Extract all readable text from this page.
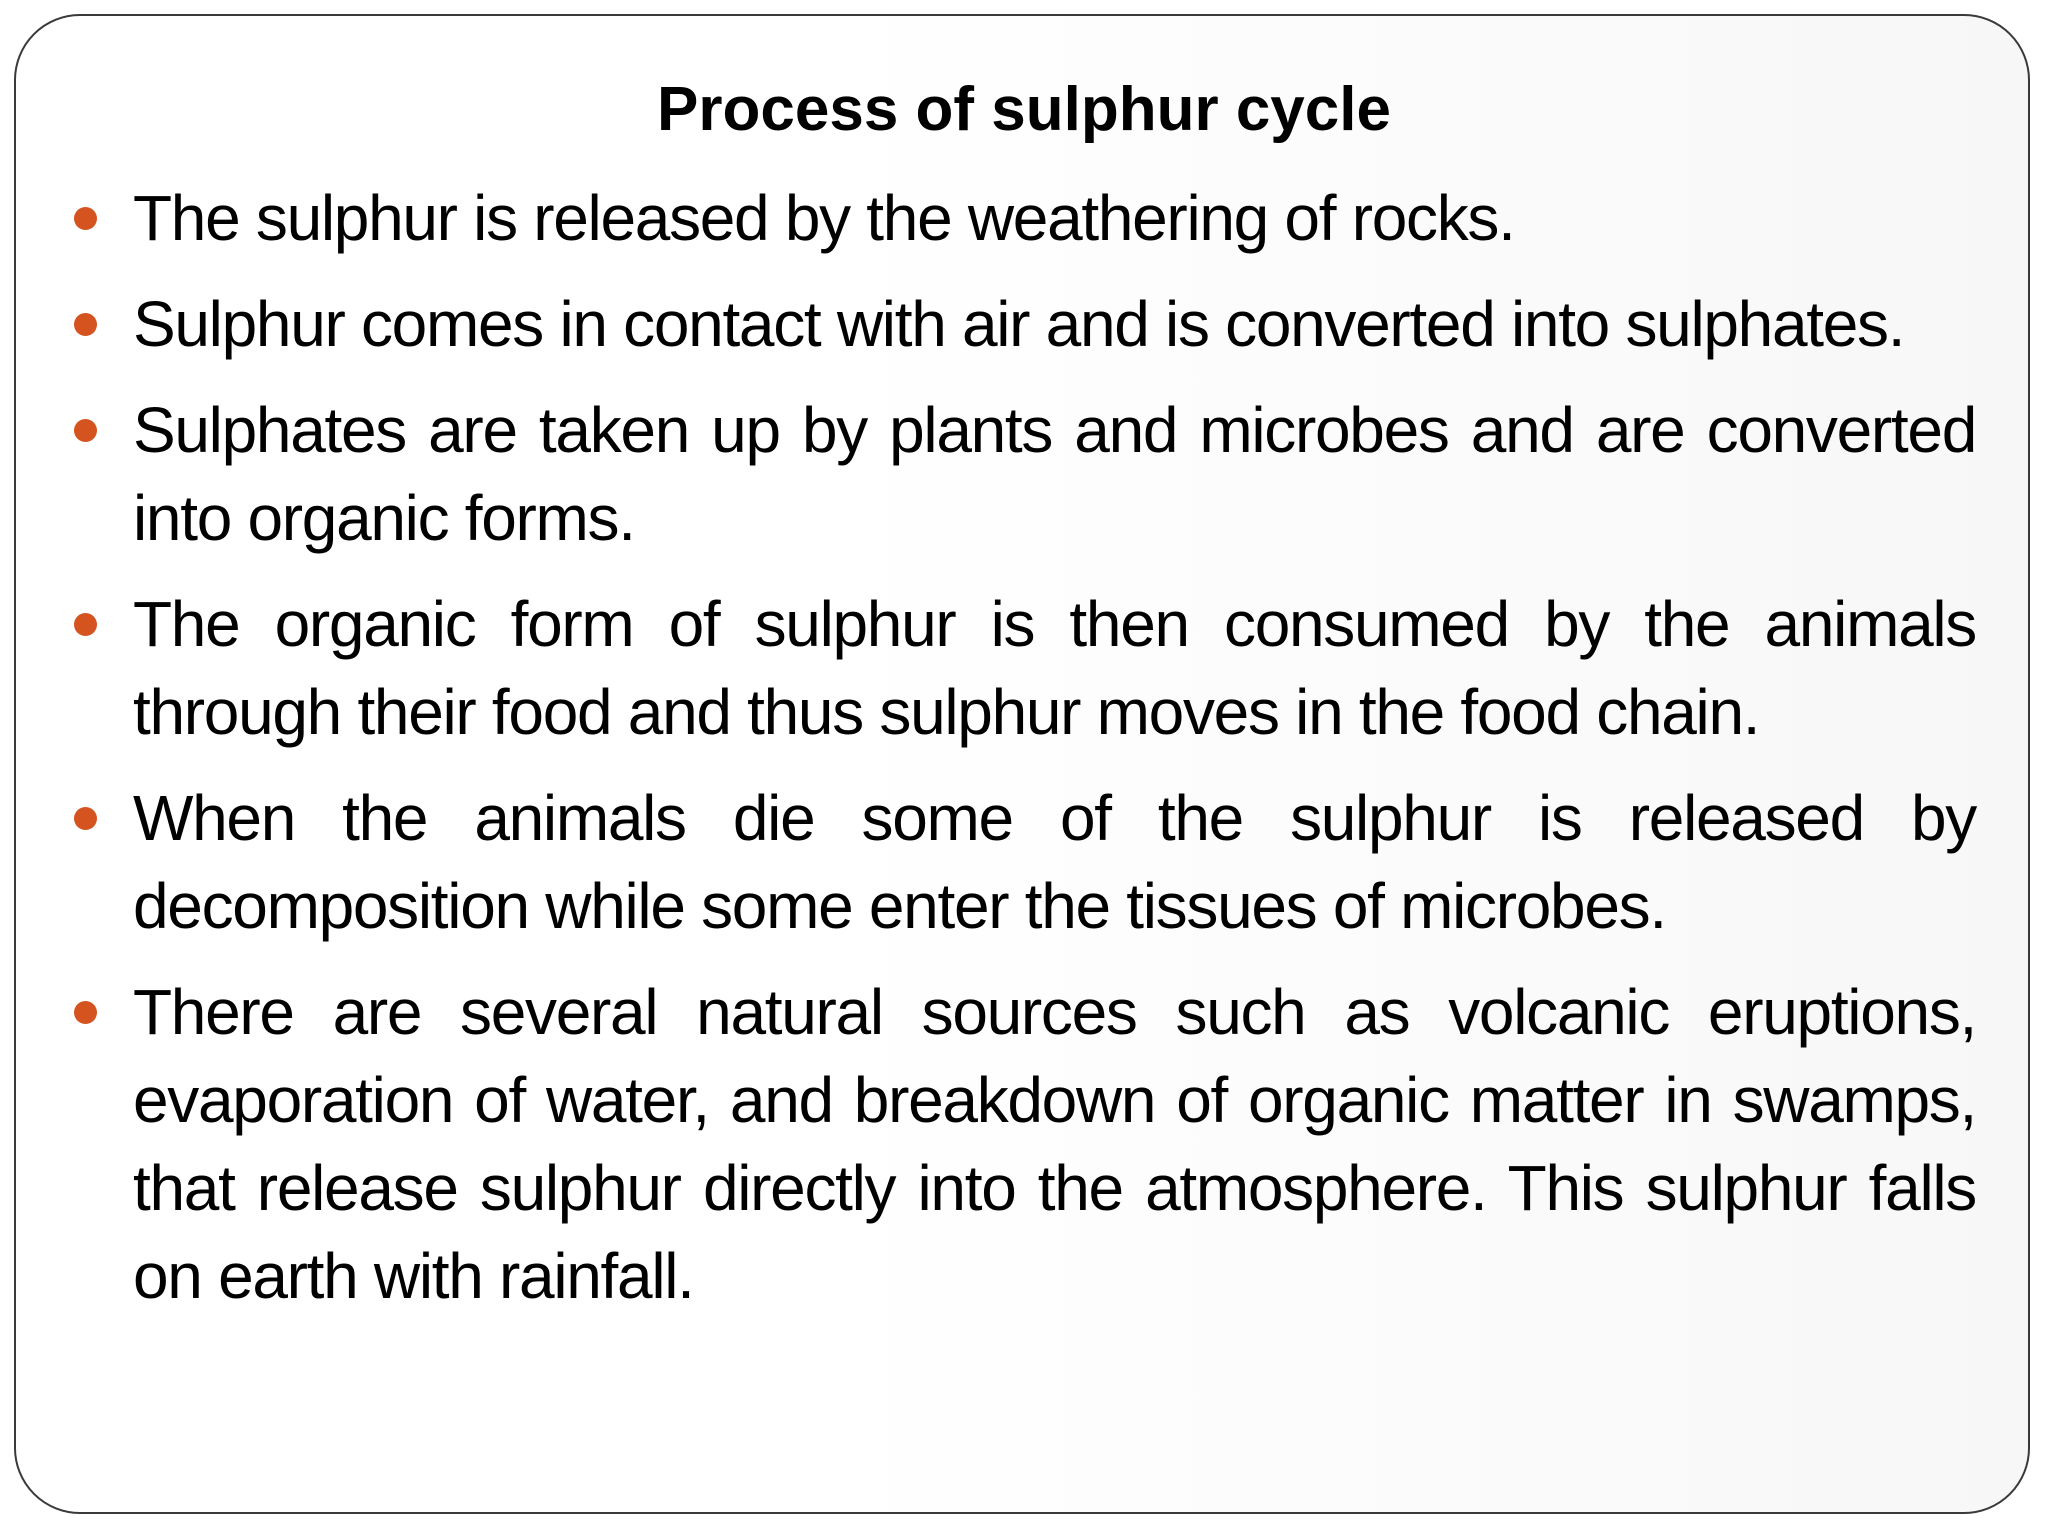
Process of sulphur cycle
The sulphur is released by the weathering of rocks.
Sulphur comes in contact with air and is converted into sulphates.
Sulphates are taken up by plants and microbes and are converted into organic forms.
The organic form of sulphur is then consumed by the animals through their food and thus sulphur moves in the food chain.
When the animals die some of the sulphur is released by decomposition while some enter the tissues of microbes.
There are several natural sources such as volcanic eruptions, evaporation of water, and breakdown of organic matter in swamps, that release sulphur directly into the atmosphere. This sulphur falls on earth with rainfall.
